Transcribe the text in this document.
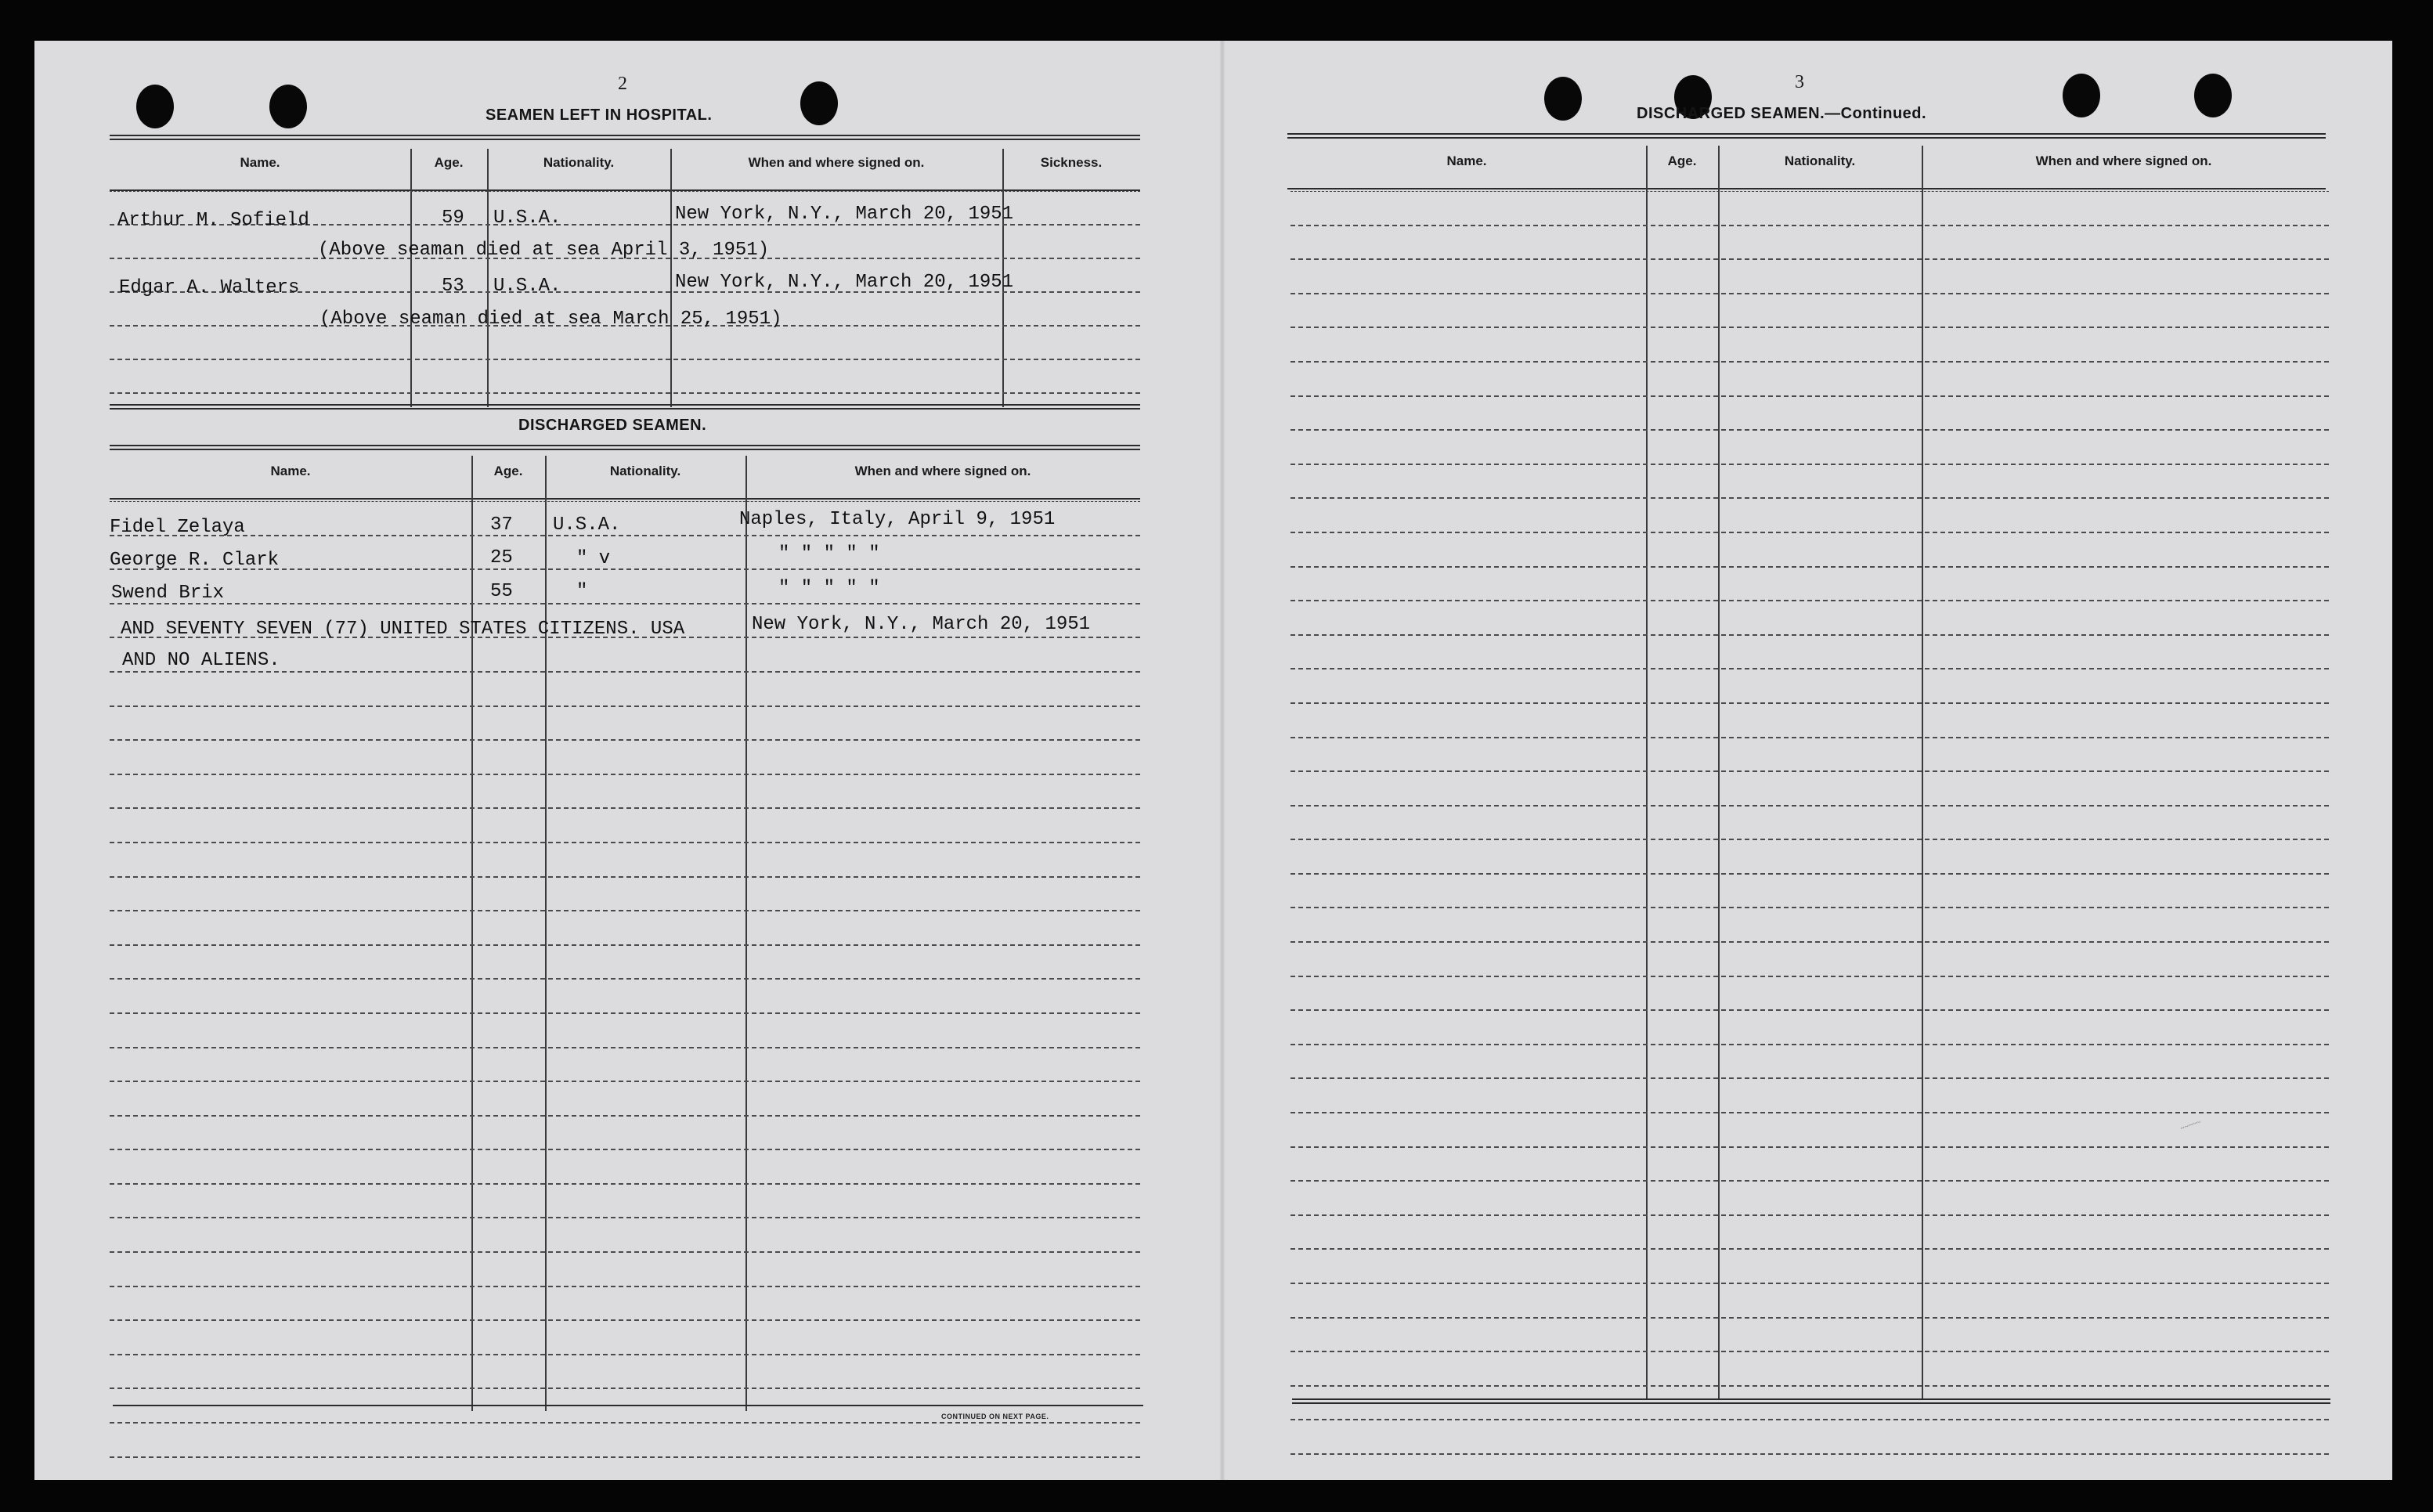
2
SEAMEN LEFT IN HOSPITAL.
Name.	Age.	Nationality.	When and where signed on.	Sickness.
Arthur M. Sofield	59 U.S.A.	New York, N.Y., March 20, 1951
(Above seaman died at sea April 3, 1951)
Edgar A. Walters	53 U.S.A.	New York, N.Y., March 20, 1951
(Above seaman died at sea March 25, 1951)
DISCHARGED SEAMEN.
Name.	Age.	Nationality.	When and where signed on.
Fidel Zelaya	37 U.S.A.	Naples, Italy, April 9, 1951
George R. Clark	25	" v	" " " " "
Swend Brix	55	"	" " " " "
AND SEVENTY SEVEN (77) UNITED STATES CITIZENS. USA	New York, N.Y., March 20, 1951
AND NO ALIENS.
CONTINUED ON NEXT PAGE.
3
DISCHARGED SEAMEN.—Continued.
Name.	Age.	Nationality.	When and where signed on.
~~~~~
